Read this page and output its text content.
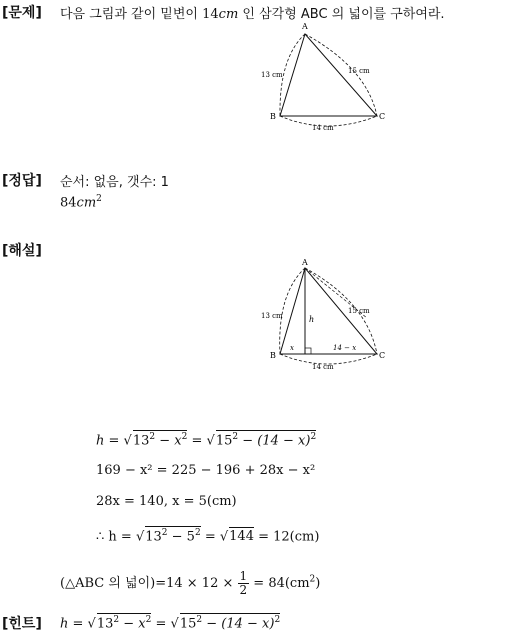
[문제] 다음 그림과 같이 밑변이 14cm 인 삼각형 ABC 의 넓이를 구하여라.
A
B	C
13 cm	15 cm
14 cm
[정답] 순서: 없음, 갯수: 1
$84cm^2$
[해설]
A
B	C
13 cm
15 cm
14 cm
h
x	14 − x
$h = √13^2 - x^2 = √15^2 - (14 - x)^2$
169 − x² = 225 − 196 + 28x − x²
28x = 140, x = 5(cm)
∴ $h = √13^2 - 5^2 = √144 = 12(cm)$
(△ABC 의 넓이)$=14 \times 12 \times \frac{1}{2} = 84(cm^2)$
[힌트] $h = √13^2 - x^2 = √15^2 - (14 - x)^2$
